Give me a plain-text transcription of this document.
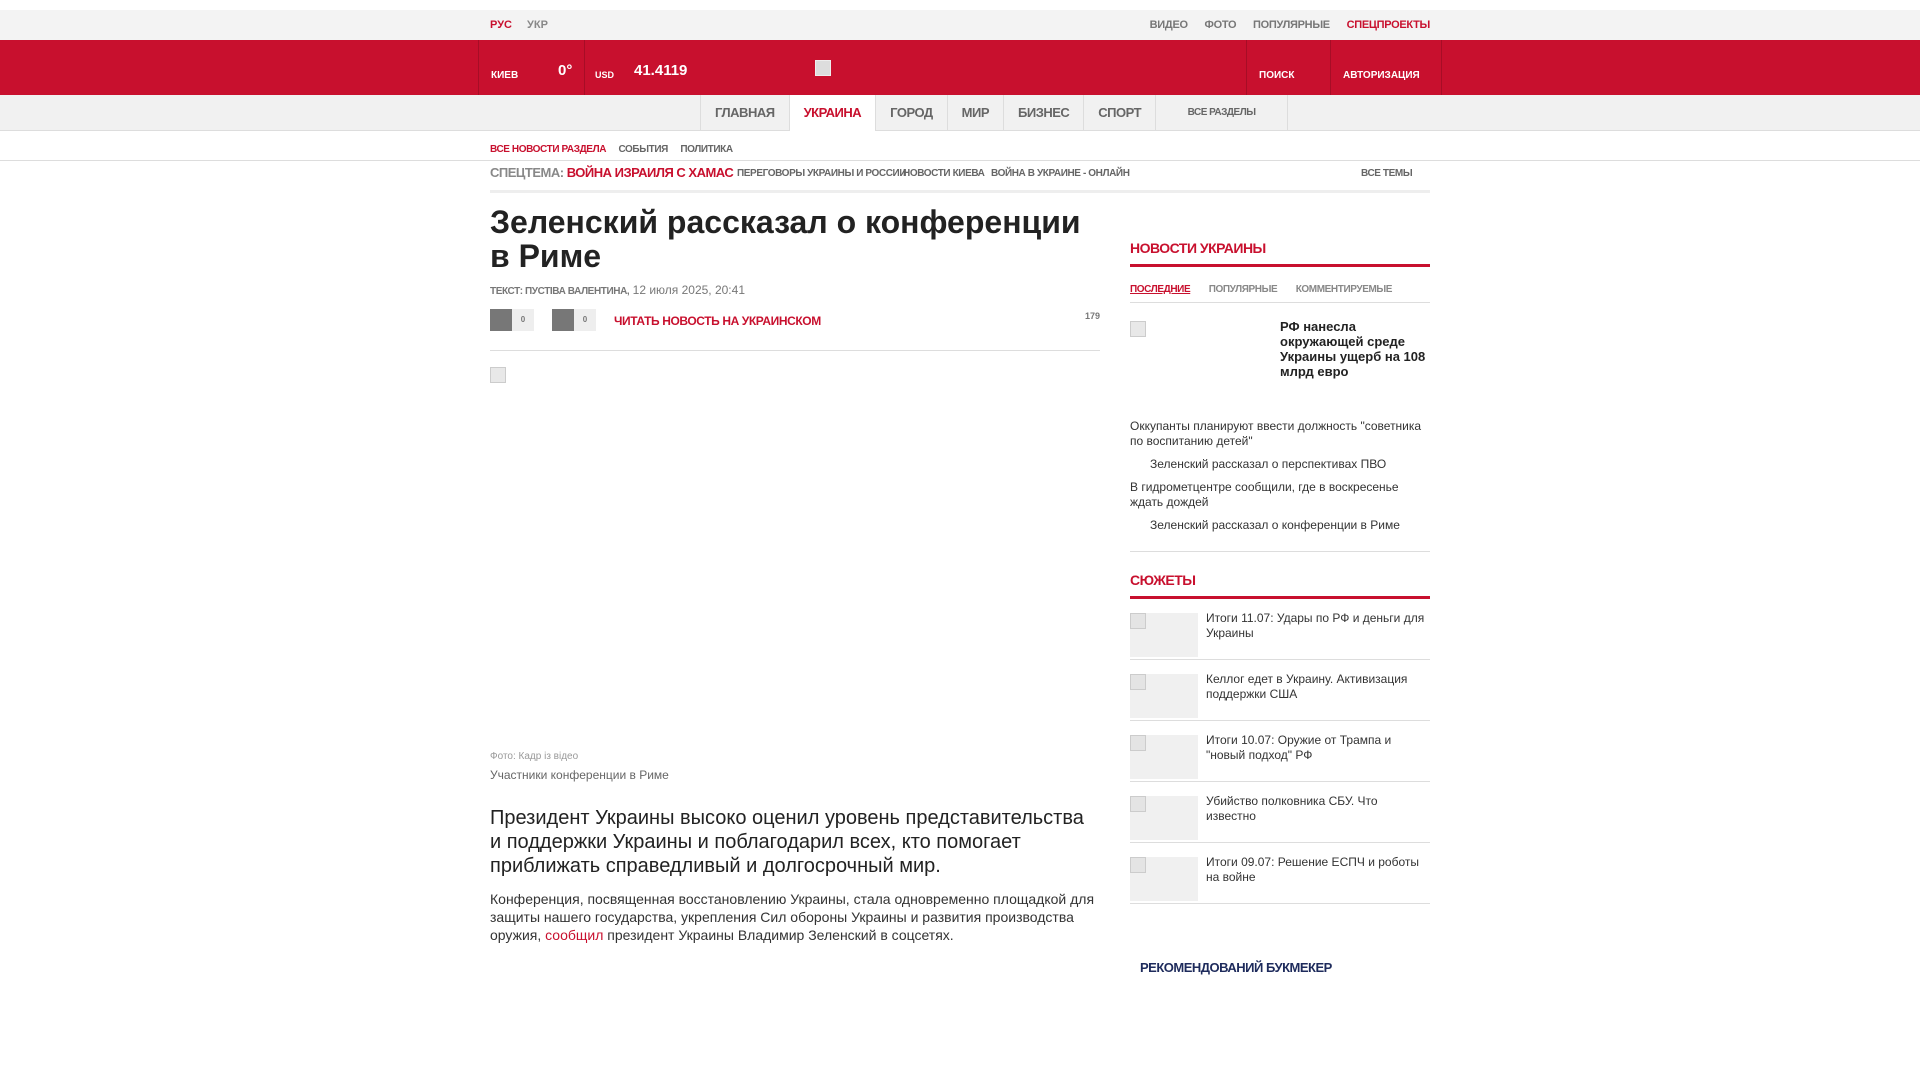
РУС УКР	ВИДЕО ФОТО ПОПУЛЯРНЫЕ СПЕЦПРОЕКТЫ
КИЕВ	0°	USD	41.4119	ПОИСК	АВТОРИЗАЦИЯ
ГЛАВНАЯ	УКРАИНА	ГОРОД	МИР	БИЗНЕС	СПОРТ	ВСЕ РАЗДЕЛЫ
$_{ВСЕ НОВОСТИ РАЗДЕЛА}$ $_{СОБЫТИЯ}$ $_{ПОЛИТИКА}$
СПЕЦТЕМА: ВОЙНА ИЗРАИЛЯ С ХАМАС ПЕРЕГОВОРЫ УКРАИНЫ И РОССИИ
НОВОСТИ КИЕВА ВОЙНА В УКРАИНЕ - ОНЛАЙН	ВСЕ ТЕМЫ
Зеленский рассказал о конференции в Риме
ТЕКСТ: ПУСТІВА ВАЛЕНТИНА, 12 июля 2025, 20:41
0	0	ЧИТАТЬ НОВОСТЬ НА УКРАИНСКОМ	179
Фото: Кадр із відео
Участники конференции в Риме

Президент Украины высоко оценил уровень представительства и поддержки Украины и поблагодарил всех, кто помогает приближать справедливый и долгосрочный мир.

Конференция, посвященная восстановлению Украины, стала одновременно площадкой для защиты нашего государства, укрепления Сил обороны Украины и развития производства оружия, сообщил президент Украины Владимир Зеленский в соцсетях.

НОВОСТИ УКРАИНЫ
ПОСЛЕДНИЕ ПОПУЛЯРНЫЕ КОММЕНТИРУЕМЫЕ
РФ нанесла окружающей среде Украины ущерб на 108 млрд евро
Оккупанты планируют ввести должность "советника по воспитанию детей"
Зеленский рассказал о перспективах ПВО
В гидрометцентре сообщили, где в воскресенье ждать дождей
Зеленский рассказал о конференции в Риме
СЮЖЕТЫ
Итоги 11.07: Удары по РФ и деньги для Украины
Келлог едет в Украину. Активизация поддержки США
Итоги 10.07: Оружие от Трампа и "новый подход" РФ
Убийство полковника СБУ. Что известно
Итоги 09.07: Решение ЕСПЧ и роботы на войне
РЕКОМЕНДОВАНИЙ БУКМЕКЕР
